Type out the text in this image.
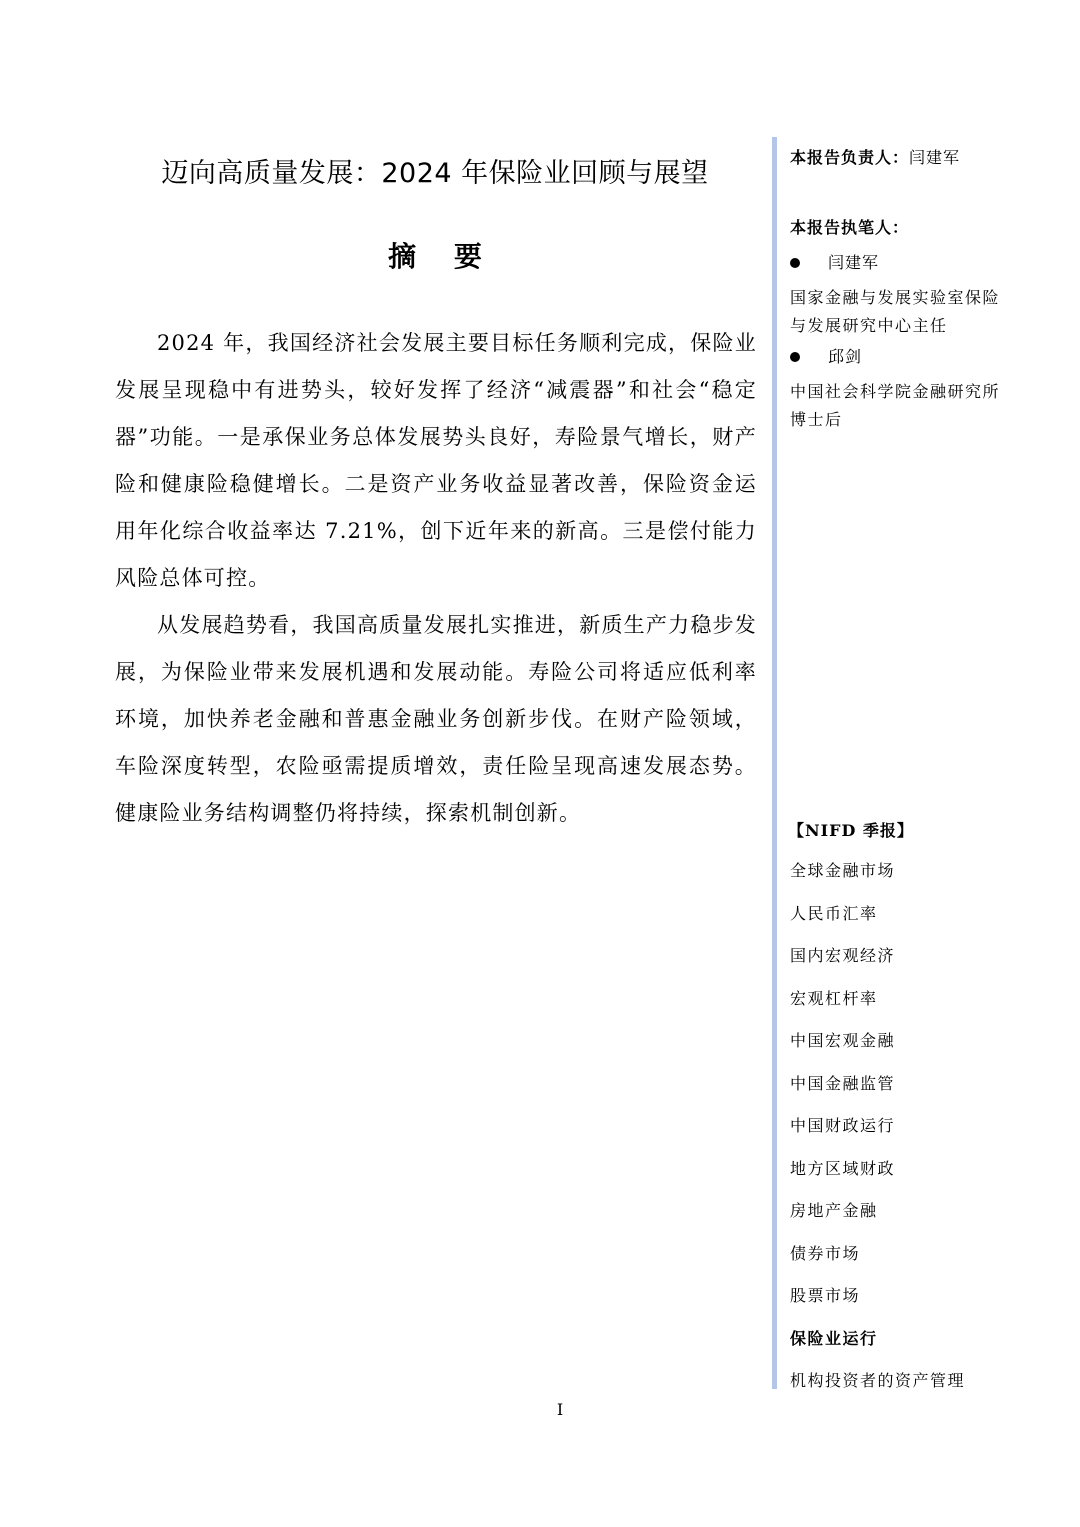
迈向高质量发展：2024 年保险业回顾与展望
摘 要

2024 年，我国经济社会发展主要目标任务顺利完成，保险业发展呈现稳中有进势头，较好发挥了经济“减震器”和社会“稳定器”功能。一是承保业务总体发展势头良好，寿险景气增长，财产险和健康险稳健增长。二是资产业务收益显著改善，保险资金运用年化综合收益率达 7.21%，创下近年来的新高。三是偿付能力风险总体可控。

从发展趋势看，我国高质量发展扎实推进，新质生产力稳步发展，为保险业带来发展机遇和发展动能。寿险公司将适应低利率环境，加快养老金融和普惠金融业务创新步伐。在财产险领域，车险深度转型，农险亟需提质增效，责任险呈现高速发展态势。健康险业务结构调整仍将持续，探索机制创新。

本报告负责人：闫建军

本报告执笔人：

闫建军

国家金融与发展实验室保险与发展研究中心主任

邱剑

中国社会科学院金融研究所博士后

【NIFD 季报】

全球金融市场
人民币汇率
国内宏观经济
宏观杠杆率
中国宏观金融
中国金融监管
中国财政运行
地方区域财政
房地产金融
债券市场
股票市场
保险业运行
机构投资者的资产管理
I
